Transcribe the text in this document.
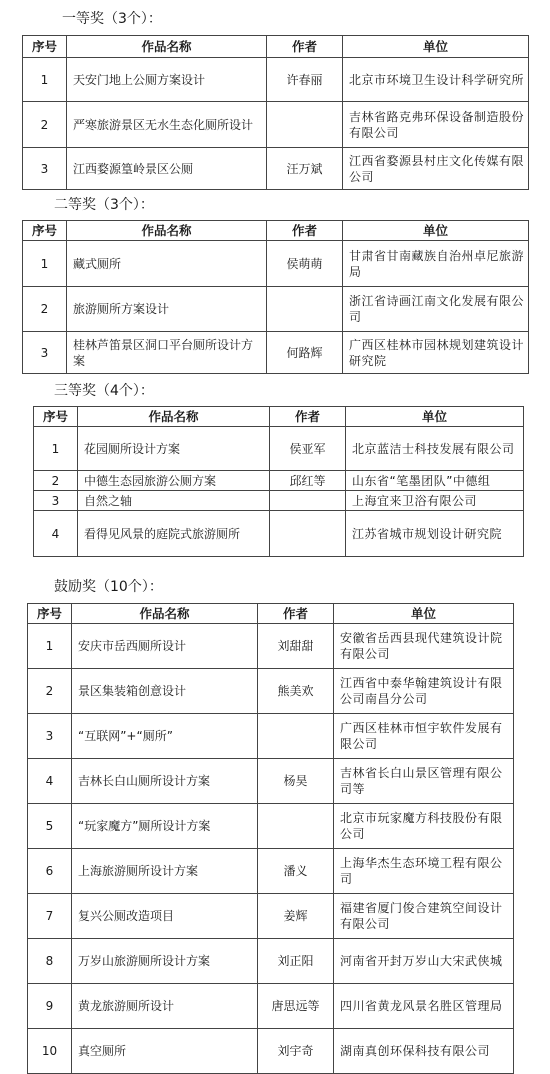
一等奖（3个）：
序号	作品名称	作者	单位
1	天安门地上公厕方案设计	许春丽	北京市环境卫生设计科学研究所
2	严寒旅游景区无水生态化厕所设计		吉林省路克弗环保设备制造股份有限公司
3	江西婺源篁岭景区公厕	汪万斌	江西省婺源县村庄文化传媒有限公司
二等奖（3个）：
序号	作品名称	作者	单位
1	藏式厕所	侯萌萌	甘肃省甘南藏族自治州卓尼旅游局
2	旅游厕所方案设计		浙江省诗画江南文化发展有限公司
3	桂林芦笛景区洞口平台厕所设计方案	何路辉	广西区桂林市园林规划建筑设计研究院
三等奖（4个）：
序号	作品名称	作者	单位
1	花园厕所设计方案	侯亚军	北京蓝洁士科技发展有限公司
2	中德生态园旅游公厕方案	邱红等	山东省“笔墨团队”中德组
3	自然之轴		上海宜来卫浴有限公司
4	看得见风景的庭院式旅游厕所		江苏省城市规划设计研究院
鼓励奖（10个）：
序号	作品名称	作者	单位
1	安庆市岳西厕所设计	刘甜甜	安徽省岳西县现代建筑设计院有限公司
2	景区集装箱创意设计	熊美欢	江西省中泰华翰建筑设计有限公司南昌分公司
3	“互联网”+“厕所”		广西区桂林市恒宇软件发展有限公司
4	吉林长白山厕所设计方案	杨昊	吉林省长白山景区管理有限公司等
5	“玩家魔方”厕所设计方案		北京市玩家魔方科技股份有限公司
6	上海旅游厕所设计方案	潘义	上海华杰生态环境工程有限公司
7	复兴公厕改造项目	姜辉	福建省厦门俊合建筑空间设计有限公司
8	万岁山旅游厕所设计方案	刘正阳	河南省开封万岁山大宋武侠城
9	黄龙旅游厕所设计	唐思远等	四川省黄龙风景名胜区管理局
10	真空厕所	刘宇奇	湖南真创环保科技有限公司
